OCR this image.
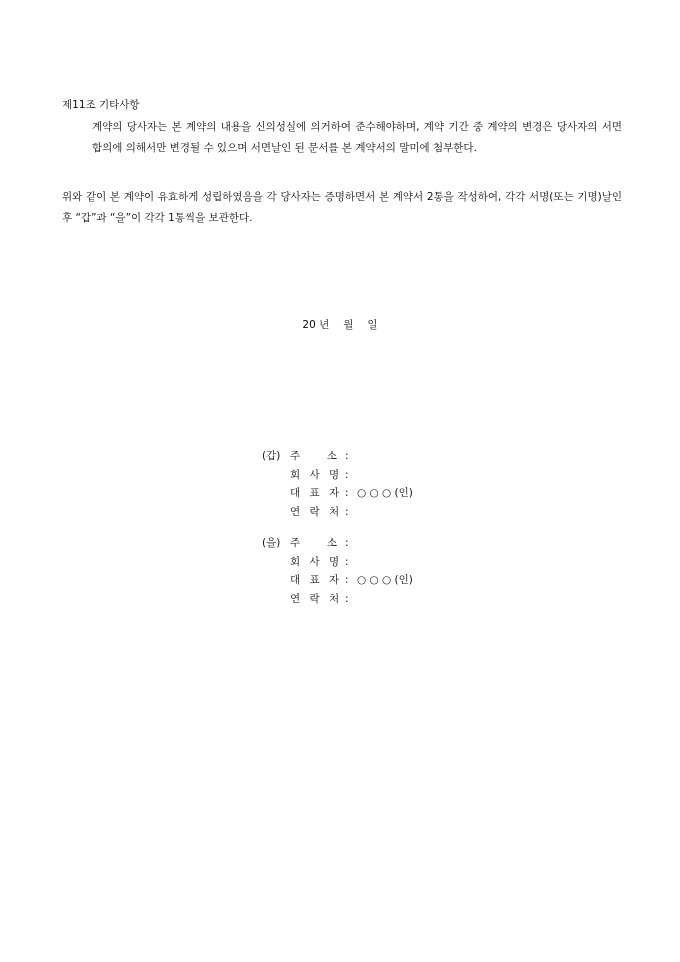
제11조 기타사항
계약의 당사자는 본 계약의 내용을 신의성실에 의거하여 준수해야하며, 계약 기간 중 계약의 변경은 당사자의 서면 합의에 의해서만 변경될 수 있으며 서면날인 된 문서를 본 계약서의 말미에 첨부한다.
위와 같이 본 계약이 유효하게 성립하였음을 각 당사자는 증명하면서 본 계약서 2통을 작성하여, 각각 서명(또는 기명)날인 후 “갑”과 “을”이 각각 1통씩을 보관한다.
20 년 월 일
(갑) 주 소 :
회 사 명 :
대 표 자 : ○ ○ ○ (인)
연 락 처 :
(을) 주 소 :
회 사 명 :
대 표 자 : ○ ○ ○ (인)
연 락 처 :
